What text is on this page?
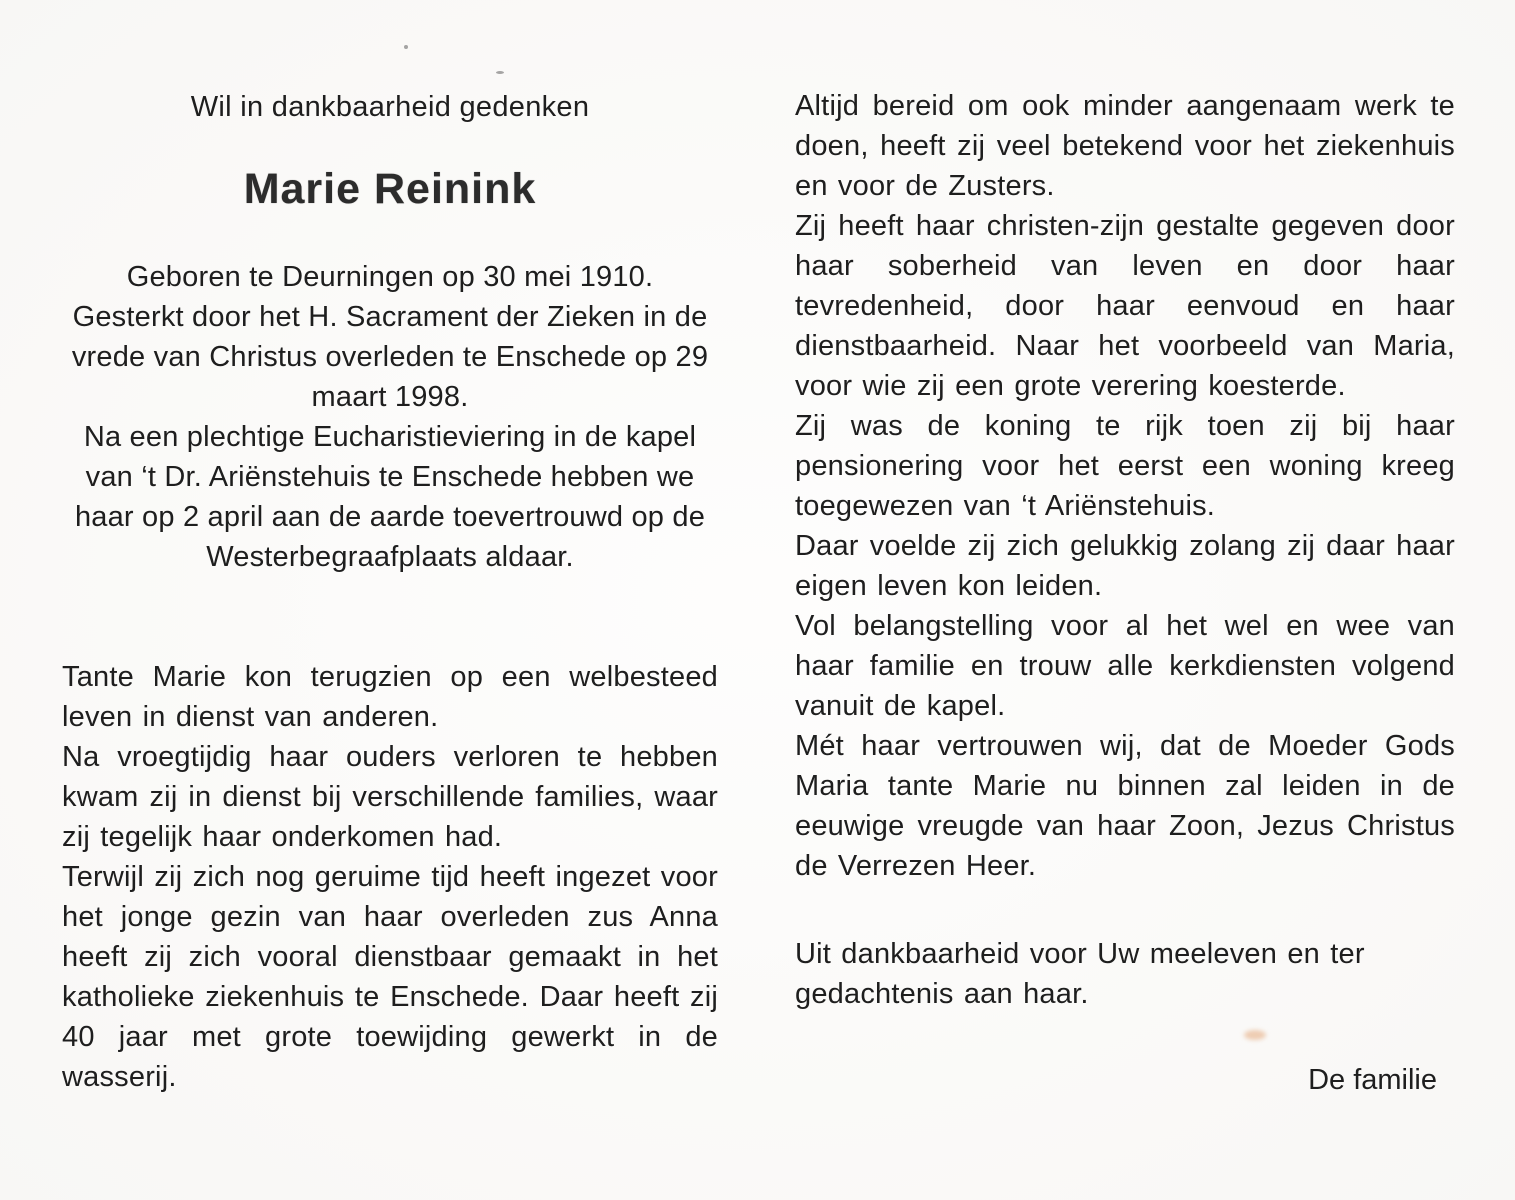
Wil in dankbaarheid gedenken

Marie Reinink

Geboren te Deurningen op 30 mei 1910.

Gesterkt door het H. Sacrament der Zieken in de vrede van Christus overleden te Enschede op 29 maart 1998.

Na een plechtige Eucharistieviering in de kapel van ‘t Dr. Ariënstehuis te Enschede hebben we haar op 2 april aan de aarde toevertrouwd op de Westerbegraafplaats aldaar.

Tante Marie kon terugzien op een welbesteed leven in dienst van anderen.

Na vroegtijdig haar ouders verloren te hebben kwam zij in dienst bij verschillende families, waar zij tegelijk haar onderkomen had.

Terwijl zij zich nog geruime tijd heeft ingezet voor het jonge gezin van haar overleden zus Anna heeft zij zich vooral dienstbaar gemaakt in het katholieke ziekenhuis te Enschede. Daar heeft zij 40 jaar met grote toewijding gewerkt in de wasserij.

Altijd bereid om ook minder aangenaam werk te doen, heeft zij veel betekend voor het ziekenhuis en voor de Zusters.

Zij heeft haar christen-zijn gestalte gegeven door haar soberheid van leven en door haar tevredenheid, door haar eenvoud en haar dienstbaarheid. Naar het voorbeeld van Maria, voor wie zij een grote verering koesterde.

Zij was de koning te rijk toen zij bij haar pensionering voor het eerst een woning kreeg toegewezen van ‘t Ariënstehuis.

Daar voelde zij zich gelukkig zolang zij daar haar eigen leven kon leiden.

Vol belangstelling voor al het wel en wee van haar familie en trouw alle kerkdiensten volgend vanuit de kapel.

Mét haar vertrouwen wij, dat de Moeder Gods Maria tante Marie nu binnen zal leiden in de eeuwige vreugde van haar Zoon, Jezus Christus de Verrezen Heer.

Uit dankbaarheid voor Uw meeleven en ter gedachtenis aan haar.

De familie
